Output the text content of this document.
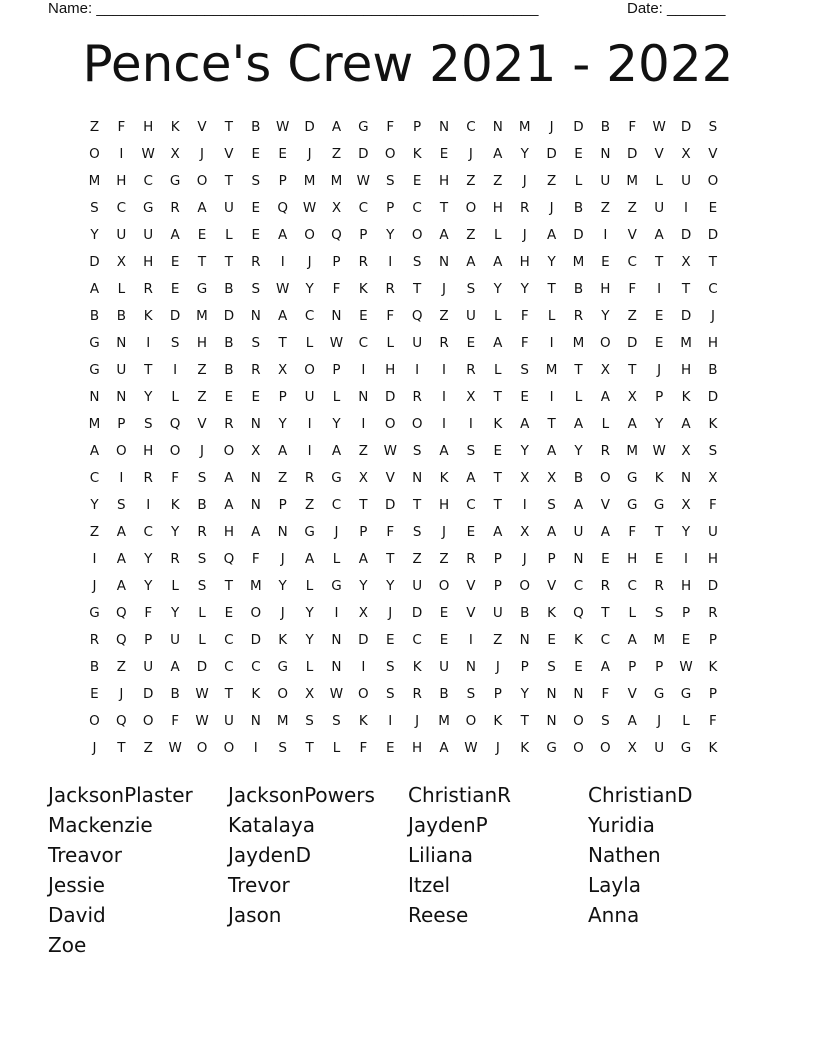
Name: _____________________________________________________	Date: _______
Pence's Crew 2021 - 2022
Z	F	H	K	V	T	B	W	D	A	G	F	P	N	C	N	M	J	D	B	F	W	D	S
O	I	W	X	J	V	E	E	J	Z	D	O	K	E	J	A	Y	D	E	N	D	V	X	V
M	H	C	G	O	T	S	P	M	M	W	S	E	H	Z	Z	J	Z	L	U	M	L	U	O
S	C	G	R	A	U	E	Q	W	X	C	P	C	T	O	H	R	J	B	Z	Z	U	I	E
Y	U	U	A	E	L	E	A	O	Q	P	Y	O	A	Z	L	J	A	D	I	V	A	D	D
D	X	H	E	T	T	R	I	J	P	R	I	S	N	A	A	H	Y	M	E	C	T	X	T
A	L	R	E	G	B	S	W	Y	F	K	R	T	J	S	Y	Y	T	B	H	F	I	T	C
B	B	K	D	M	D	N	A	C	N	E	F	Q	Z	U	L	F	L	R	Y	Z	E	D	J
G	N	I	S	H	B	S	T	L	W	C	L	U	R	E	A	F	I	M	O	D	E	M	H
G	U	T	I	Z	B	R	X	O	P	I	H	I	I	R	L	S	M	T	X	T	J	H	B
N	N	Y	L	Z	E	E	P	U	L	N	D	R	I	X	T	E	I	L	A	X	P	K	D
M	P	S	Q	V	R	N	Y	I	Y	I	O	O	I	I	K	A	T	A	L	A	Y	A	K
A	O	H	O	J	O	X	A	I	A	Z	W	S	A	S	E	Y	A	Y	R	M	W	X	S
C	I	R	F	S	A	N	Z	R	G	X	V	N	K	A	T	X	X	B	O	G	K	N	X
Y	S	I	K	B	A	N	P	Z	C	T	D	T	H	C	T	I	S	A	V	G	G	X	F
Z	A	C	Y	R	H	A	N	G	J	P	F	S	J	E	A	X	A	U	A	F	T	Y	U
I	A	Y	R	S	Q	F	J	A	L	A	T	Z	Z	R	P	J	P	N	E	H	E	I	H
J	A	Y	L	S	T	M	Y	L	G	Y	Y	U	O	V	P	O	V	C	R	C	R	H	D
G	Q	F	Y	L	E	O	J	Y	I	X	J	D	E	V	U	B	K	Q	T	L	S	P	R
R	Q	P	U	L	C	D	K	Y	N	D	E	C	E	I	Z	N	E	K	C	A	M	E	P
B	Z	U	A	D	C	C	G	L	N	I	S	K	U	N	J	P	S	E	A	P	P	W	K
E	J	D	B	W	T	K	O	X	W	O	S	R	B	S	P	Y	N	N	F	V	G	G	P
O	Q	O	F	W	U	N	M	S	S	K	I	J	M	O	K	T	N	O	S	A	J	L	F
J	T	Z	W	O	O	I	S	T	L	F	E	H	A	W	J	K	G	O	O	X	U	G	K
JacksonPlaster	JacksonPowers	ChristianR	ChristianD
Mackenzie	Katalaya	JaydenP	Yuridia
Treavor	JaydenD	Liliana	Nathen
Jessie	Trevor	Itzel	Layla
David	Jason	Reese	Anna
Zoe
